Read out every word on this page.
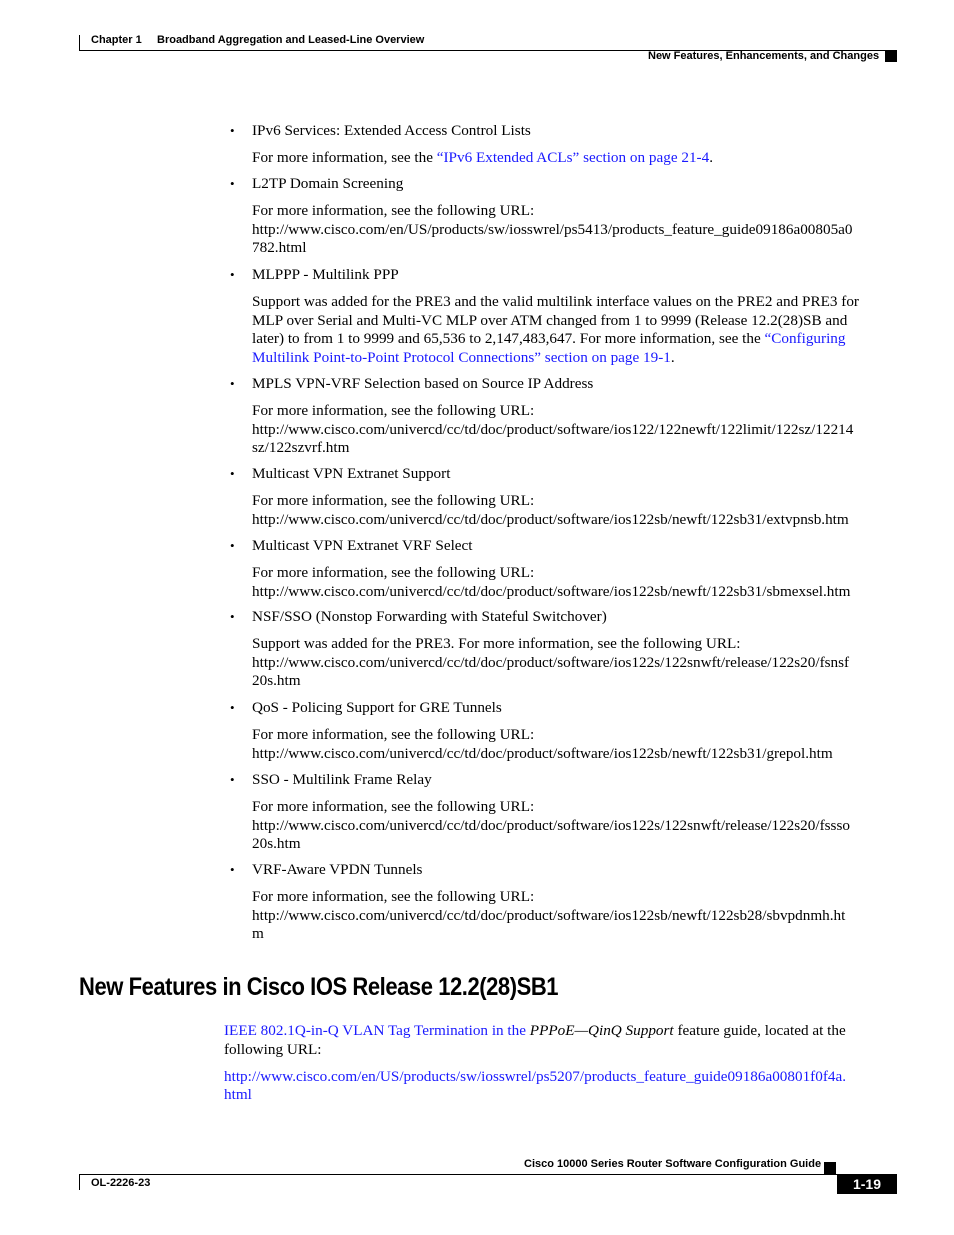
Chapter 1 Broadband Aggregation and Leased-Line Overview
New Features, Enhancements, and Changes
• IPv6 Services: Extended Access Control Lists
For more information, see the “IPv6 Extended ACLs” section on page 21-4.
• L2TP Domain Screening
For more information, see the following URL:
http://www.cisco.com/en/US/products/sw/iosswrel/ps5413/products_feature_guide09186a00805a0
782.html
• MLPPP - Multilink PPP
Support was added for the PRE3 and the valid multilink interface values on the PRE2 and PRE3 for
MLP over Serial and Multi-VC MLP over ATM changed from 1 to 9999 (Release 12.2(28)SB and
later) to from 1 to 9999 and 65,536 to 2,147,483,647. For more information, see the “Configuring
Multilink Point-to-Point Protocol Connections” section on page 19-1.
• MPLS VPN-VRF Selection based on Source IP Address
For more information, see the following URL:
http://www.cisco.com/univercd/cc/td/doc/product/software/ios122/122newft/122limit/122sz/12214
sz/122szvrf.htm
• Multicast VPN Extranet Support
For more information, see the following URL:
http://www.cisco.com/univercd/cc/td/doc/product/software/ios122sb/newft/122sb31/extvpnsb.htm
• Multicast VPN Extranet VRF Select
For more information, see the following URL:
http://www.cisco.com/univercd/cc/td/doc/product/software/ios122sb/newft/122sb31/sbmexsel.htm
• NSF/SSO (Nonstop Forwarding with Stateful Switchover)
Support was added for the PRE3. For more information, see the following URL:
http://www.cisco.com/univercd/cc/td/doc/product/software/ios122s/122snwft/release/122s20/fsnsf
20s.htm
• QoS - Policing Support for GRE Tunnels
For more information, see the following URL:
http://www.cisco.com/univercd/cc/td/doc/product/software/ios122sb/newft/122sb31/grepol.htm
• SSO - Multilink Frame Relay
For more information, see the following URL:
http://www.cisco.com/univercd/cc/td/doc/product/software/ios122s/122snwft/release/122s20/fssso
20s.htm
• VRF-Aware VPDN Tunnels
For more information, see the following URL:
http://www.cisco.com/univercd/cc/td/doc/product/software/ios122sb/newft/122sb28/sbvpdnmh.ht
m
New Features in Cisco IOS Release 12.2(28)SB1
IEEE 802.1Q-in-Q VLAN Tag Termination in the PPPoE—QinQ Support feature guide, located at the
following URL:
http://www.cisco.com/en/US/products/sw/iosswrel/ps5207/products_feature_guide09186a00801f0f4a.
html
Cisco 10000 Series Router Software Configuration Guide
OL-2226-23	1-19
